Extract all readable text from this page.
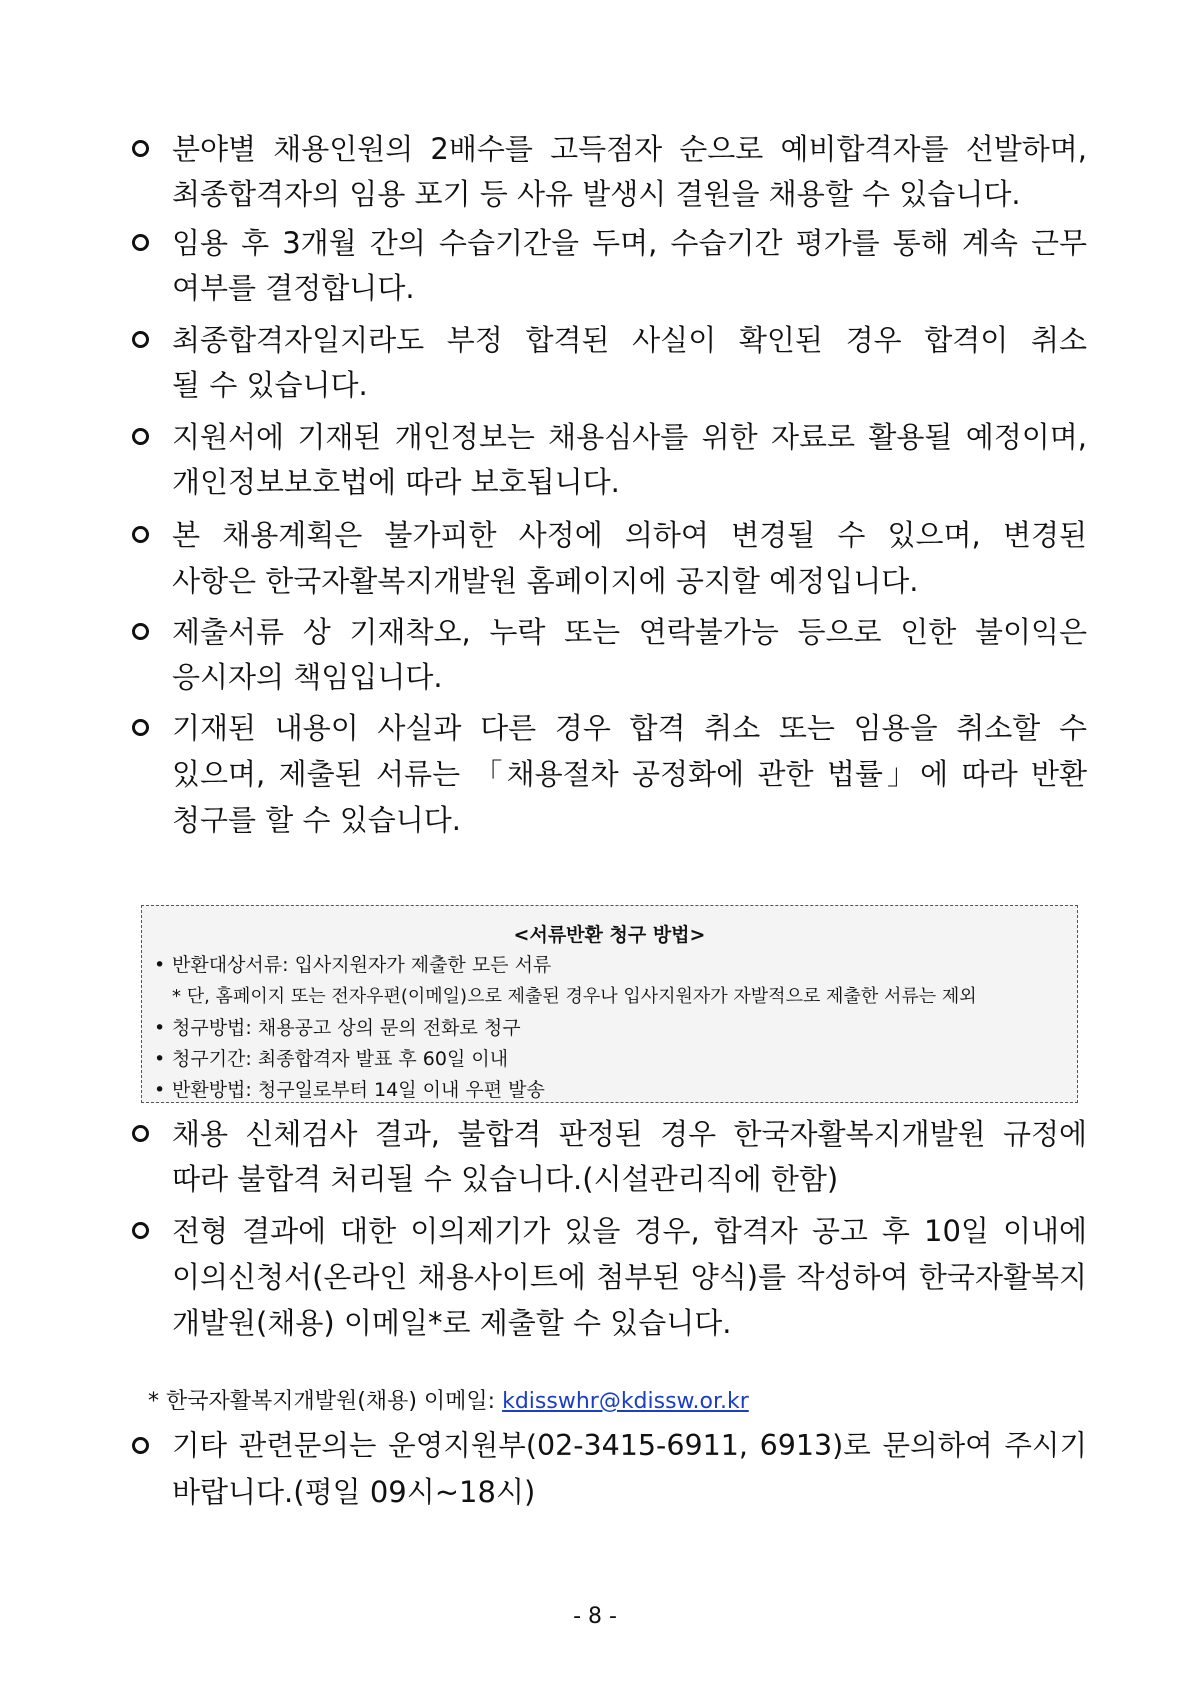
분야별 채용인원의 2배수를 고득점자 순으로 예비합격자를 선발하며,
최종합격자의 임용 포기 등 사유 발생시 결원을 채용할 수 있습니다.
임용 후 3개월 간의 수습기간을 두며, 수습기간 평가를 통해 계속 근무
여부를 결정합니다.
최종합격자일지라도 부정 합격된 사실이 확인된 경우 합격이 취소
될 수 있습니다.
지원서에 기재된 개인정보는 채용심사를 위한 자료로 활용될 예정이며,
개인정보보호법에 따라 보호됩니다.
본 채용계획은 불가피한 사정에 의하여 변경될 수 있으며, 변경된
사항은 한국자활복지개발원 홈페이지에 공지할 예정입니다.
제출서류 상 기재착오, 누락 또는 연락불가능 등으로 인한 불이익은
응시자의 책임입니다.
기재된 내용이 사실과 다른 경우 합격 취소 또는 임용을 취소할 수
있으며, 제출된 서류는 「채용절차 공정화에 관한 법률」에 따라 반환
청구를 할 수 있습니다.
<서류반환 청구 방법>
• 반환대상서류: 입사지원자가 제출한 모든 서류
* 단, 홈페이지 또는 전자우편(이메일)으로 제출된 경우나 입사지원자가 자발적으로 제출한 서류는 제외
• 청구방법: 채용공고 상의 문의 전화로 청구
• 청구기간: 최종합격자 발표 후 60일 이내
• 반환방법: 청구일로부터 14일 이내 우편 발송
채용 신체검사 결과, 불합격 판정된 경우 한국자활복지개발원 규정에
따라 불합격 처리될 수 있습니다.(시설관리직에 한함)
전형 결과에 대한 이의제기가 있을 경우, 합격자 공고 후 10일 이내에
이의신청서(온라인 채용사이트에 첨부된 양식)를 작성하여 한국자활복지
개발원(채용) 이메일*로 제출할 수 있습니다.
* 한국자활복지개발원(채용) 이메일: kdisswhr@kdissw.or.kr
기타 관련문의는 운영지원부(02-3415-6911, 6913)로 문의하여 주시기
바랍니다.(평일 09시~18시)
- 8 -
